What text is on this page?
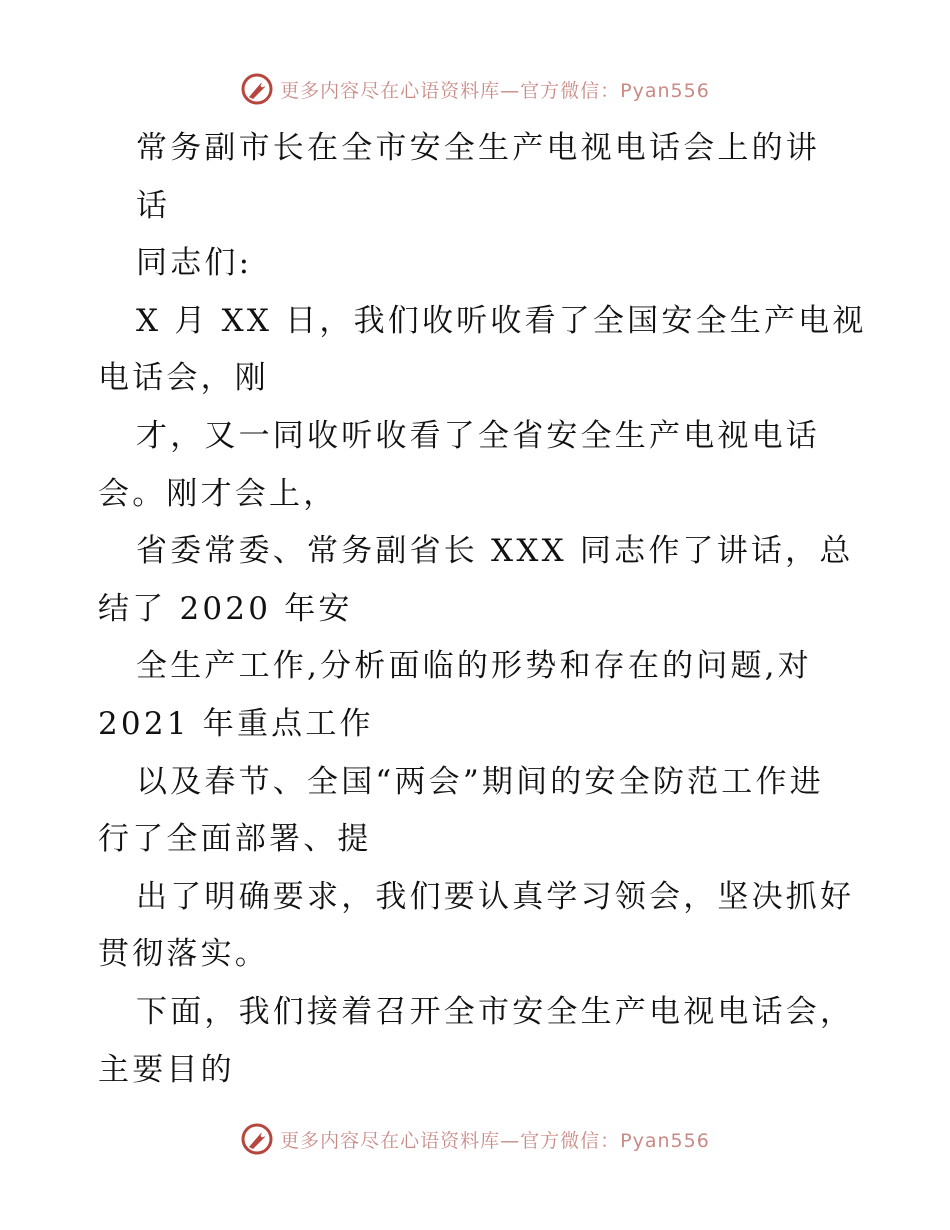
更多内容尽在心语资料库—官方微信：Pyan556
常务副市长在全市安全生产电视电话会上的讲
话
同志们:
X 月 XX 日，我们收听收看了全国安全生产电视
电话会，刚
才，又一同收听收看了全省安全生产电视电话
会。刚才会上，
省委常委、常务副省长 XXX 同志作了讲话，总
结了 2020 年安
全生产工作,分析面临的形势和存在的问题,对
2021 年重点工作
以及春节、全国“两会”期间的安全防范工作进
行了全面部署、提
出了明确要求，我们要认真学习领会，坚决抓好
贯彻落实。
下面，我们接着召开全市安全生产电视电话会，
主要目的
更多内容尽在心语资料库—官方微信：Pyan556
